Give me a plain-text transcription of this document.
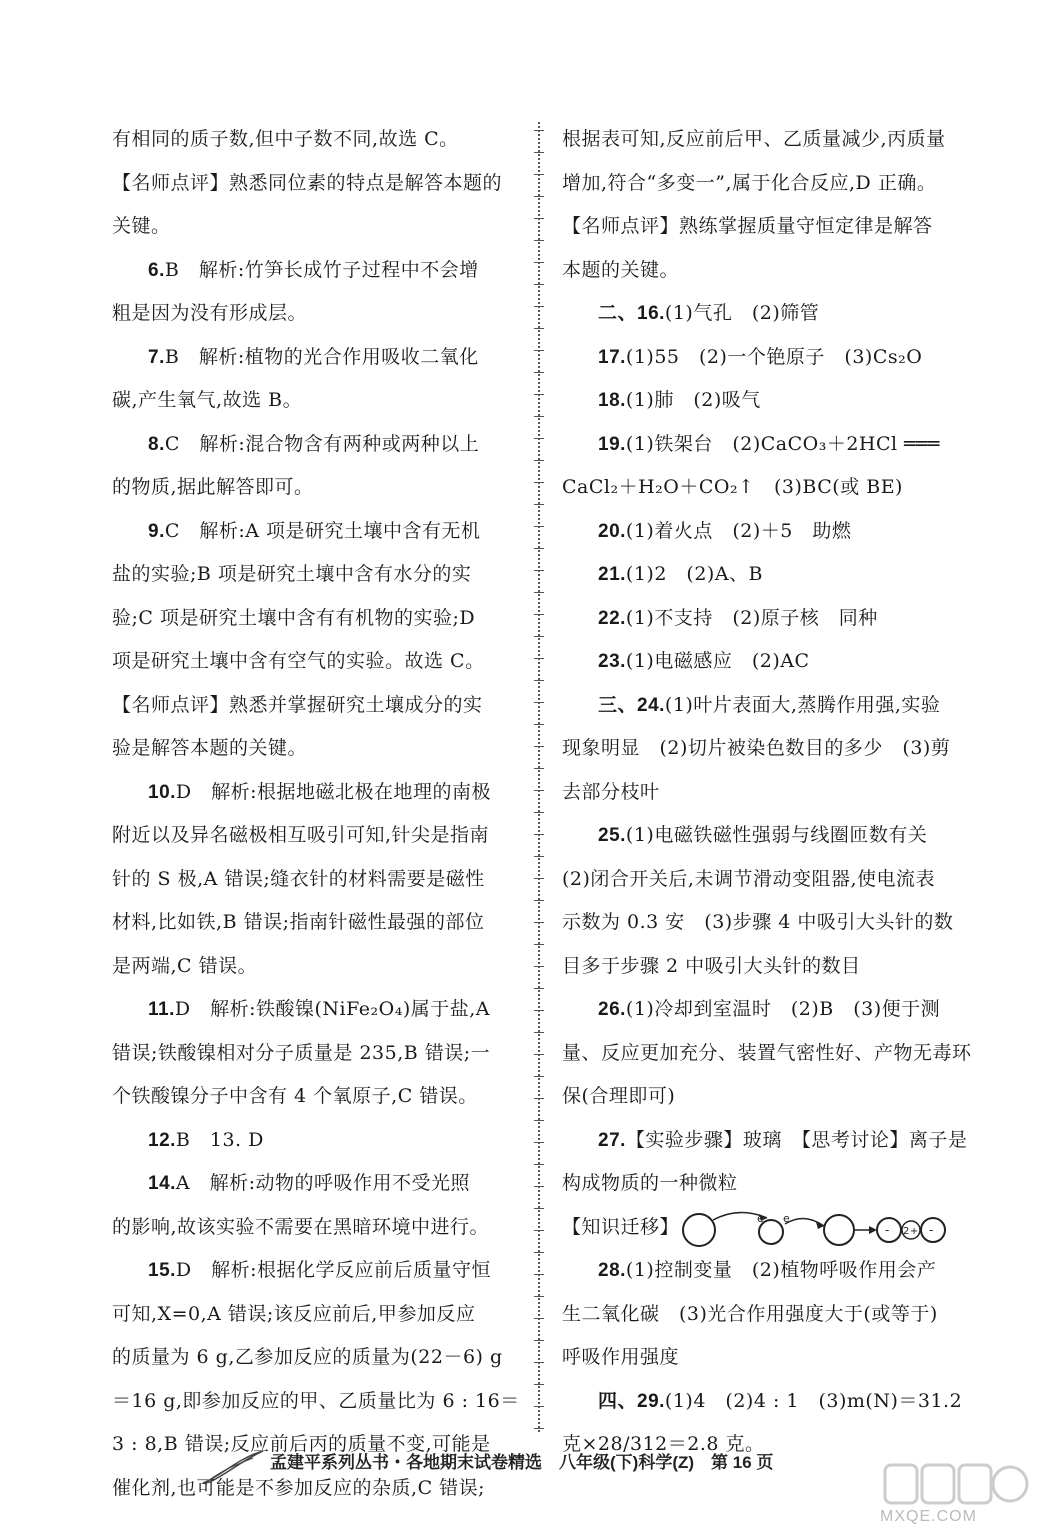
有相同的质子数,但中子数不同,故选 C。
【名师点评】熟悉同位素的特点是解答本题的
关键。
6.B　解析:竹笋长成竹子过程中不会增
粗是因为没有形成层。
7.B　解析:植物的光合作用吸收二氧化
碳,产生氧气,故选 B。
8.C　解析:混合物含有两种或两种以上
的物质,据此解答即可。
9.C　解析:A 项是研究土壤中含有无机
盐的实验;B 项是研究土壤中含有水分的实
验;C 项是研究土壤中含有有机物的实验;D
项是研究土壤中含有空气的实验。故选 C。
【名师点评】熟悉并掌握研究土壤成分的实
验是解答本题的关键。
10.D　解析:根据地磁北极在地理的南极
附近以及异名磁极相互吸引可知,针尖是指南
针的 S 极,A 错误;缝衣针的材料需要是磁性
材料,比如铁,B 错误;指南针磁性最强的部位
是两端,C 错误。
11.D　解析:铁酸镍(NiFe₂O₄)属于盐,A
错误;铁酸镍相对分子质量是 235,B 错误;一
个铁酸镍分子中含有 4 个氧原子,C 错误。
12.B　13. D
14.A　解析:动物的呼吸作用不受光照
的影响,故该实验不需要在黑暗环境中进行。
15.D　解析:根据化学反应前后质量守恒
可知,X=0,A 错误;该反应前后,甲参加反应
的质量为 6 g,乙参加反应的质量为(22－6) g
＝16 g,即参加反应的甲、乙质量比为 6 : 16＝
3 : 8,B 错误;反应前后丙的质量不变,可能是
催化剂,也可能是不参加反应的杂质,C 错误;
根据表可知,反应前后甲、乙质量减少,丙质量
增加,符合“多变一”,属于化合反应,D 正确。
【名师点评】熟练掌握质量守恒定律是解答
本题的关键。
二、16.(1)气孔　(2)筛管
17.(1)55　(2)一个铯原子　(3)Cs₂O
18.(1)肺　(2)吸气
19.(1)铁架台　(2)CaCO₃＋2HCl ═══
CaCl₂＋H₂O＋CO₂↑　(3)BC(或 BE)
20.(1)着火点　(2)＋5　助燃
21.(1)2　(2)A、B
22.(1)不支持　(2)原子核　同种
23.(1)电磁感应　(2)AC
三、24.(1)叶片表面大,蒸腾作用强,实验
现象明显　(2)切片被染色数目的多少　(3)剪
去部分枝叶
25.(1)电磁铁磁性强弱与线圈匝数有关
(2)闭合开关后,未调节滑动变阻器,使电流表
示数为 0.3 安　(3)步骤 4 中吸引大头针的数
目多于步骤 2 中吸引大头针的数目
26.(1)冷却到室温时　(2)B　(3)便于测
量、反应更加充分、装置气密性好、产物无毒环
保(合理即可)
27.【实验步骤】玻璃　【思考讨论】离子是
构成物质的一种微粒
【知识迁移】	e e
- 2+ -
28.(1)控制变量　(2)植物呼吸作用会产
生二氧化碳　(3)光合作用强度大于(或等于)
呼吸作用强度
四、29.(1)4　(2)4 : 1　(3)m(N)＝31.2
克×28/312＝2.8 克。
孟建平系列丛书・各地期末试卷精选　八年级(下)科学(Z)　第 16 页
MXQE.COM
